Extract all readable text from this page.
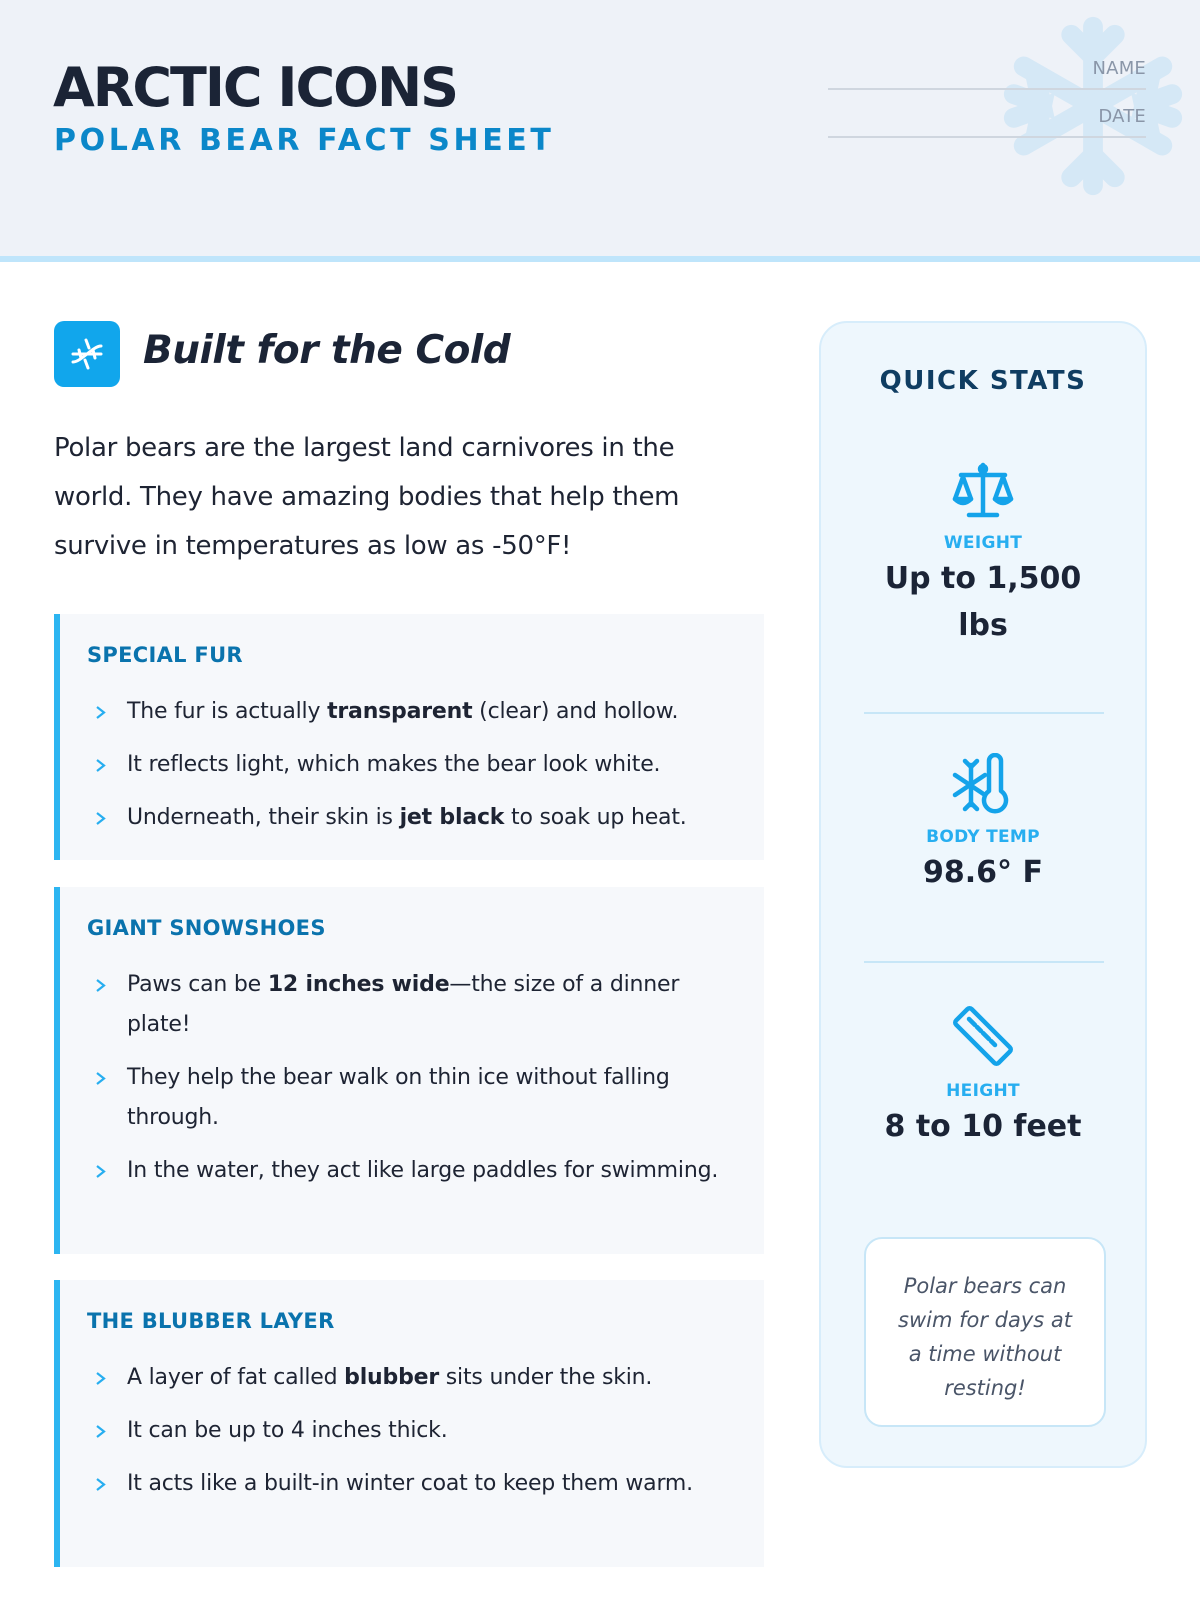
ARCTIC ICONS
POLAR BEAR FACT SHEET
NAME
DATE
Built for the Cold

Polar bears are the largest land carnivores in the world. They have amazing bodies that help them survive in temperatures as low as -50°F!

SPECIAL FUR
The fur is actually transparent (clear) and hollow.
It reflects light, which makes the bear look white.
Underneath, their skin is jet black to soak up heat.
GIANT SNOWSHOES
Paws can be 12 inches wide—the size of a dinner plate!
They help the bear walk on thin ice without falling through.
In the water, they act like large paddles for swimming.
THE BLUBBER LAYER
A layer of fat called blubber sits under the skin.
It can be up to 4 inches thick.
It acts like a built-in winter coat to keep them warm.
QUICK STATS
WEIGHT
Up to 1,500 lbs
BODY TEMP
98.6° F
HEIGHT
8 to 10 feet
Polar bears can swim for days at a time without resting!
